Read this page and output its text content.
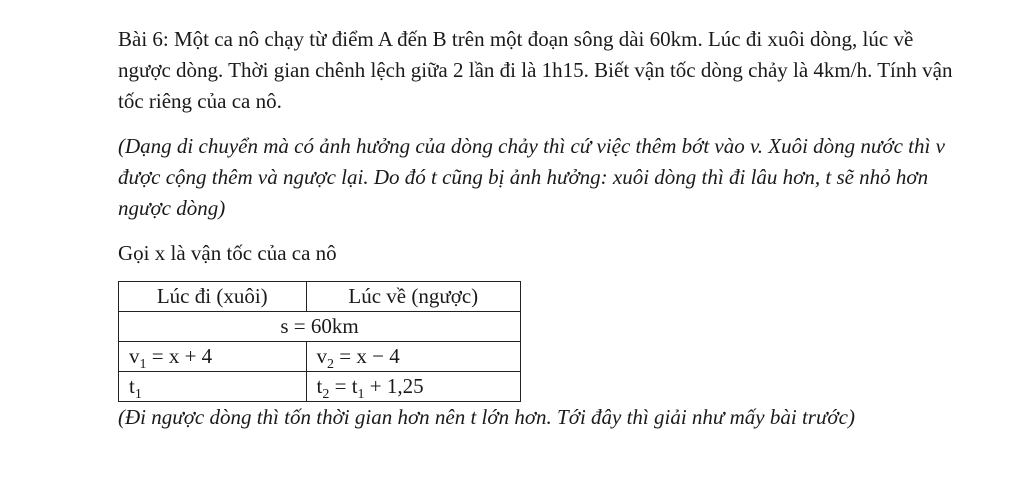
Bài 6: Một ca nô chạy từ điểm A đến B trên một đoạn sông dài 60km. Lúc đi xuôi dòng, lúc về ngược dòng. Thời gian chênh lệch giữa 2 lần đi là 1h15. Biết vận tốc dòng chảy là 4km/h. Tính vận tốc riêng của ca nô.

(Dạng di chuyển mà có ảnh hưởng của dòng chảy thì cứ việc thêm bớt vào v. Xuôi dòng nước thì v được cộng thêm và ngược lại. Do đó t cũng bị ảnh hưởng: xuôi dòng thì đi lâu hơn, t sẽ nhỏ hơn ngược dòng)

Gọi x là vận tốc của ca nô

Lúc đi (xuôi)	Lúc về (ngược)
s = 60km	
$v_1 = x + 4$	$v_2 = x - 4$
$t_1$	$t_2 = t_1 + 1,25$

(Đi ngược dòng thì tốn thời gian hơn nên t lớn hơn. Tới đây thì giải như mấy bài trước)
